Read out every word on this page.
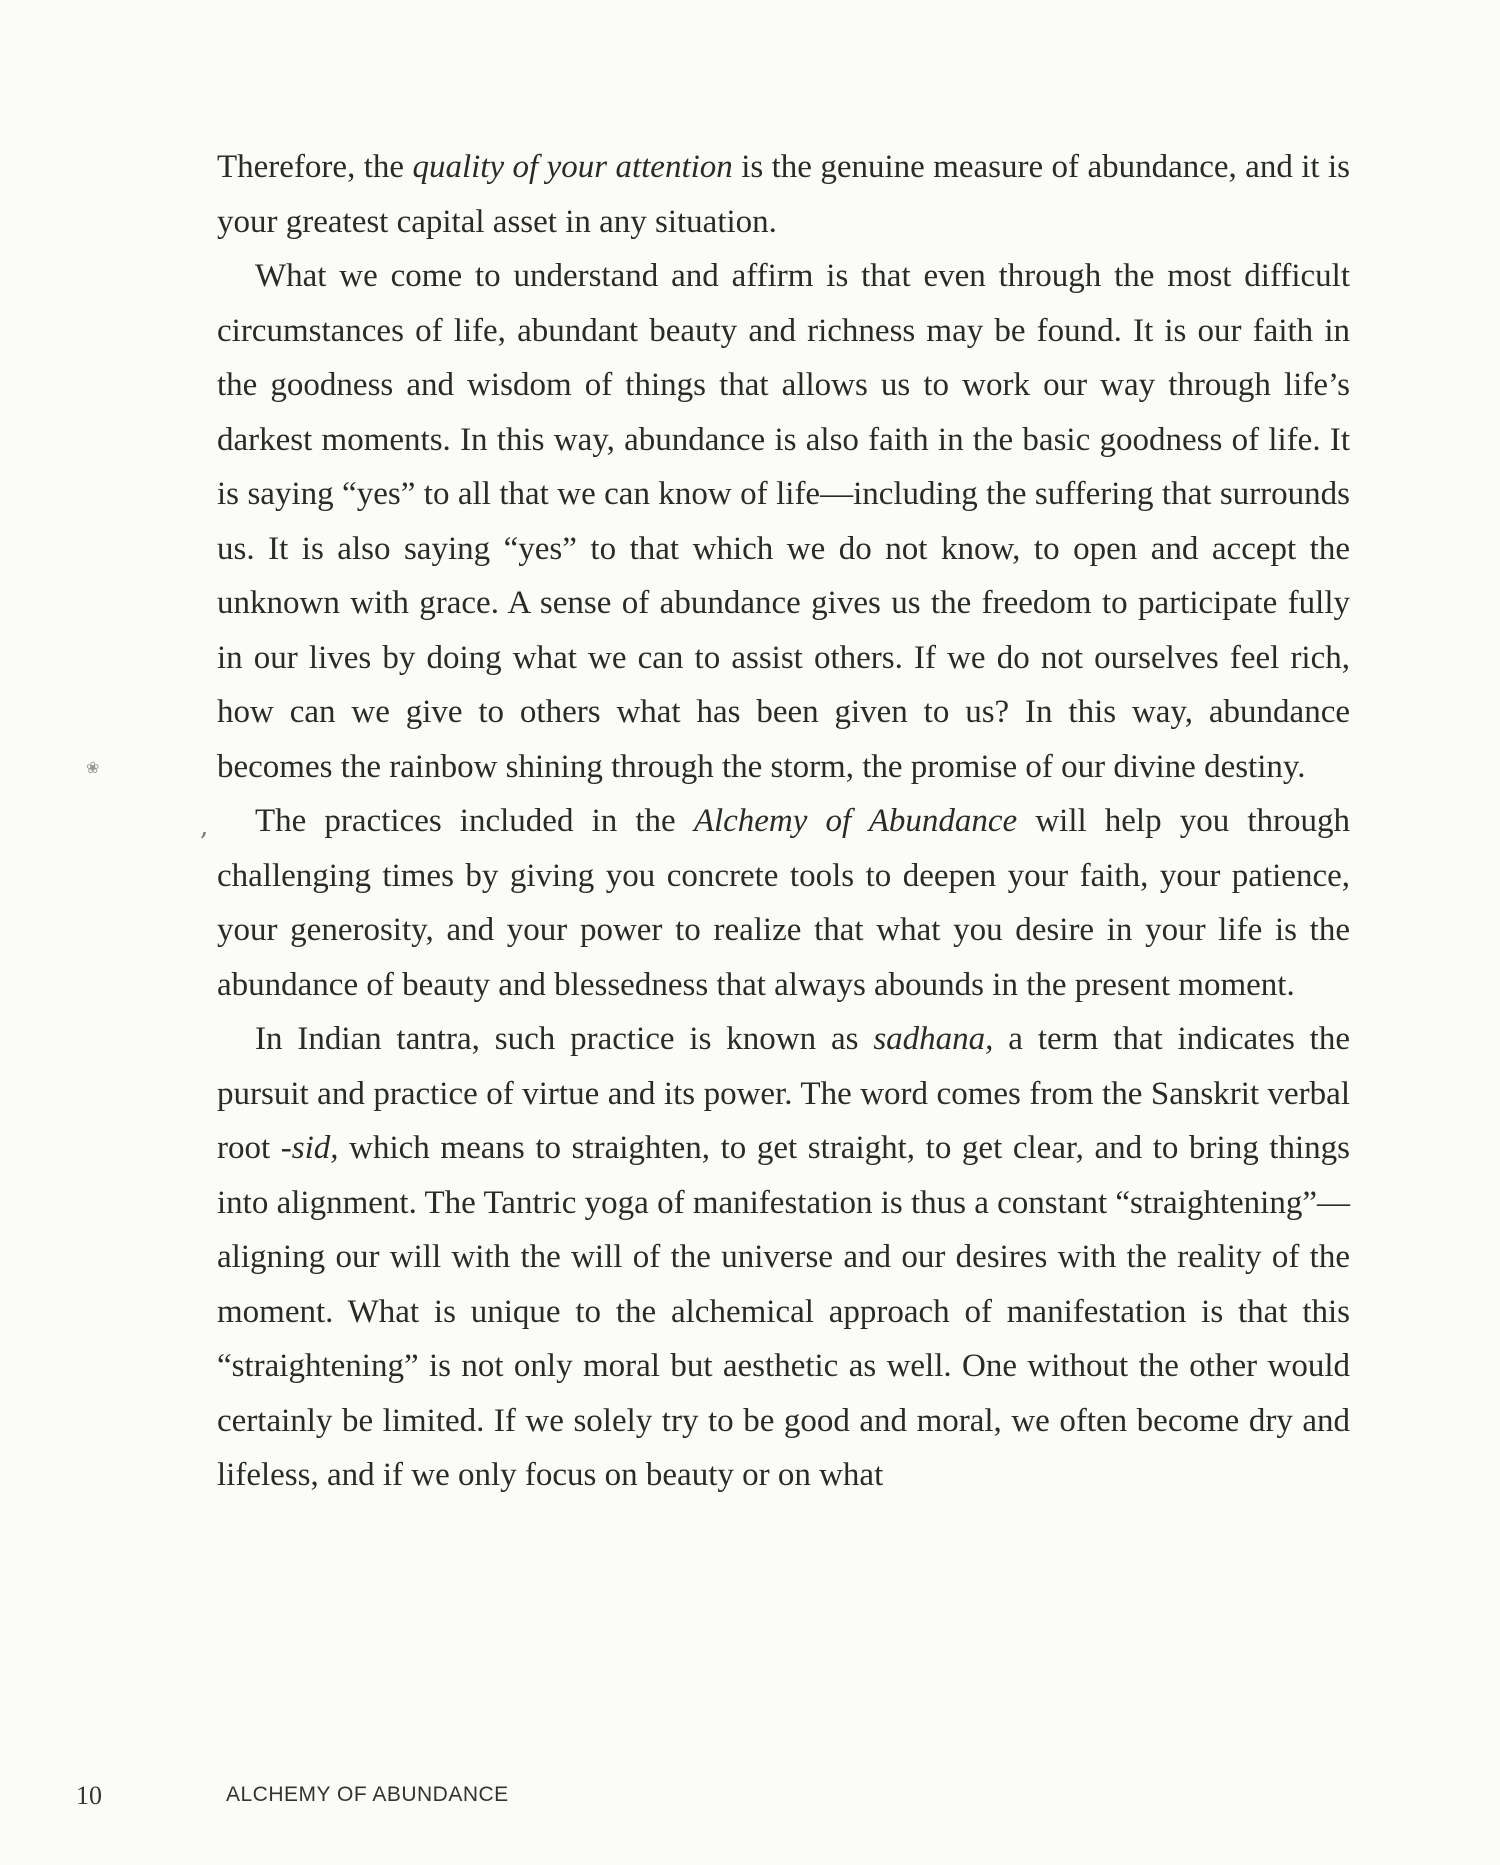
Therefore, the quality of your attention is the genuine measure of abundance, and it is your greatest capital asset in any situation.

What we come to understand and affirm is that even through the most difficult circumstances of life, abundant beauty and richness may be found. It is our faith in the goodness and wisdom of things that allows us to work our way through life’s darkest moments. In this way, abundance is also faith in the basic goodness of life. It is saying “yes” to all that we can know of life—including the suffering that surrounds us. It is also saying “yes” to that which we do not know, to open and accept the unknown with grace. A sense of abundance gives us the freedom to participate fully in our lives by doing what we can to assist others. If we do not ourselves feel rich, how can we give to others what has been given to us? In this way, abundance becomes the rainbow shining through the storm, the promise of our divine destiny.

The practices included in the Alchemy of Abundance will help you through challenging times by giving you concrete tools to deepen your faith, your patience, your generosity, and your power to realize that what you desire in your life is the abundance of beauty and blessedness that always abounds in the present moment.

In Indian tantra, such practice is known as sadhana, a term that indicates the pursuit and practice of virtue and its power. The word comes from the Sanskrit verbal root -sid, which means to straighten, to get straight, to get clear, and to bring things into alignment. The Tantric yoga of manifestation is thus a constant “straightening”—aligning our will with the will of the universe and our desires with the reality of the moment. What is unique to the alchemical approach of manifestation is that this “straightening” is not only moral but aesthetic as well. One without the other would certainly be limited. If we solely try to be good and moral, we often become dry and lifeless, and if we only focus on beauty or on what

❀
,
10	ALCHEMY OF ABUNDANCE
